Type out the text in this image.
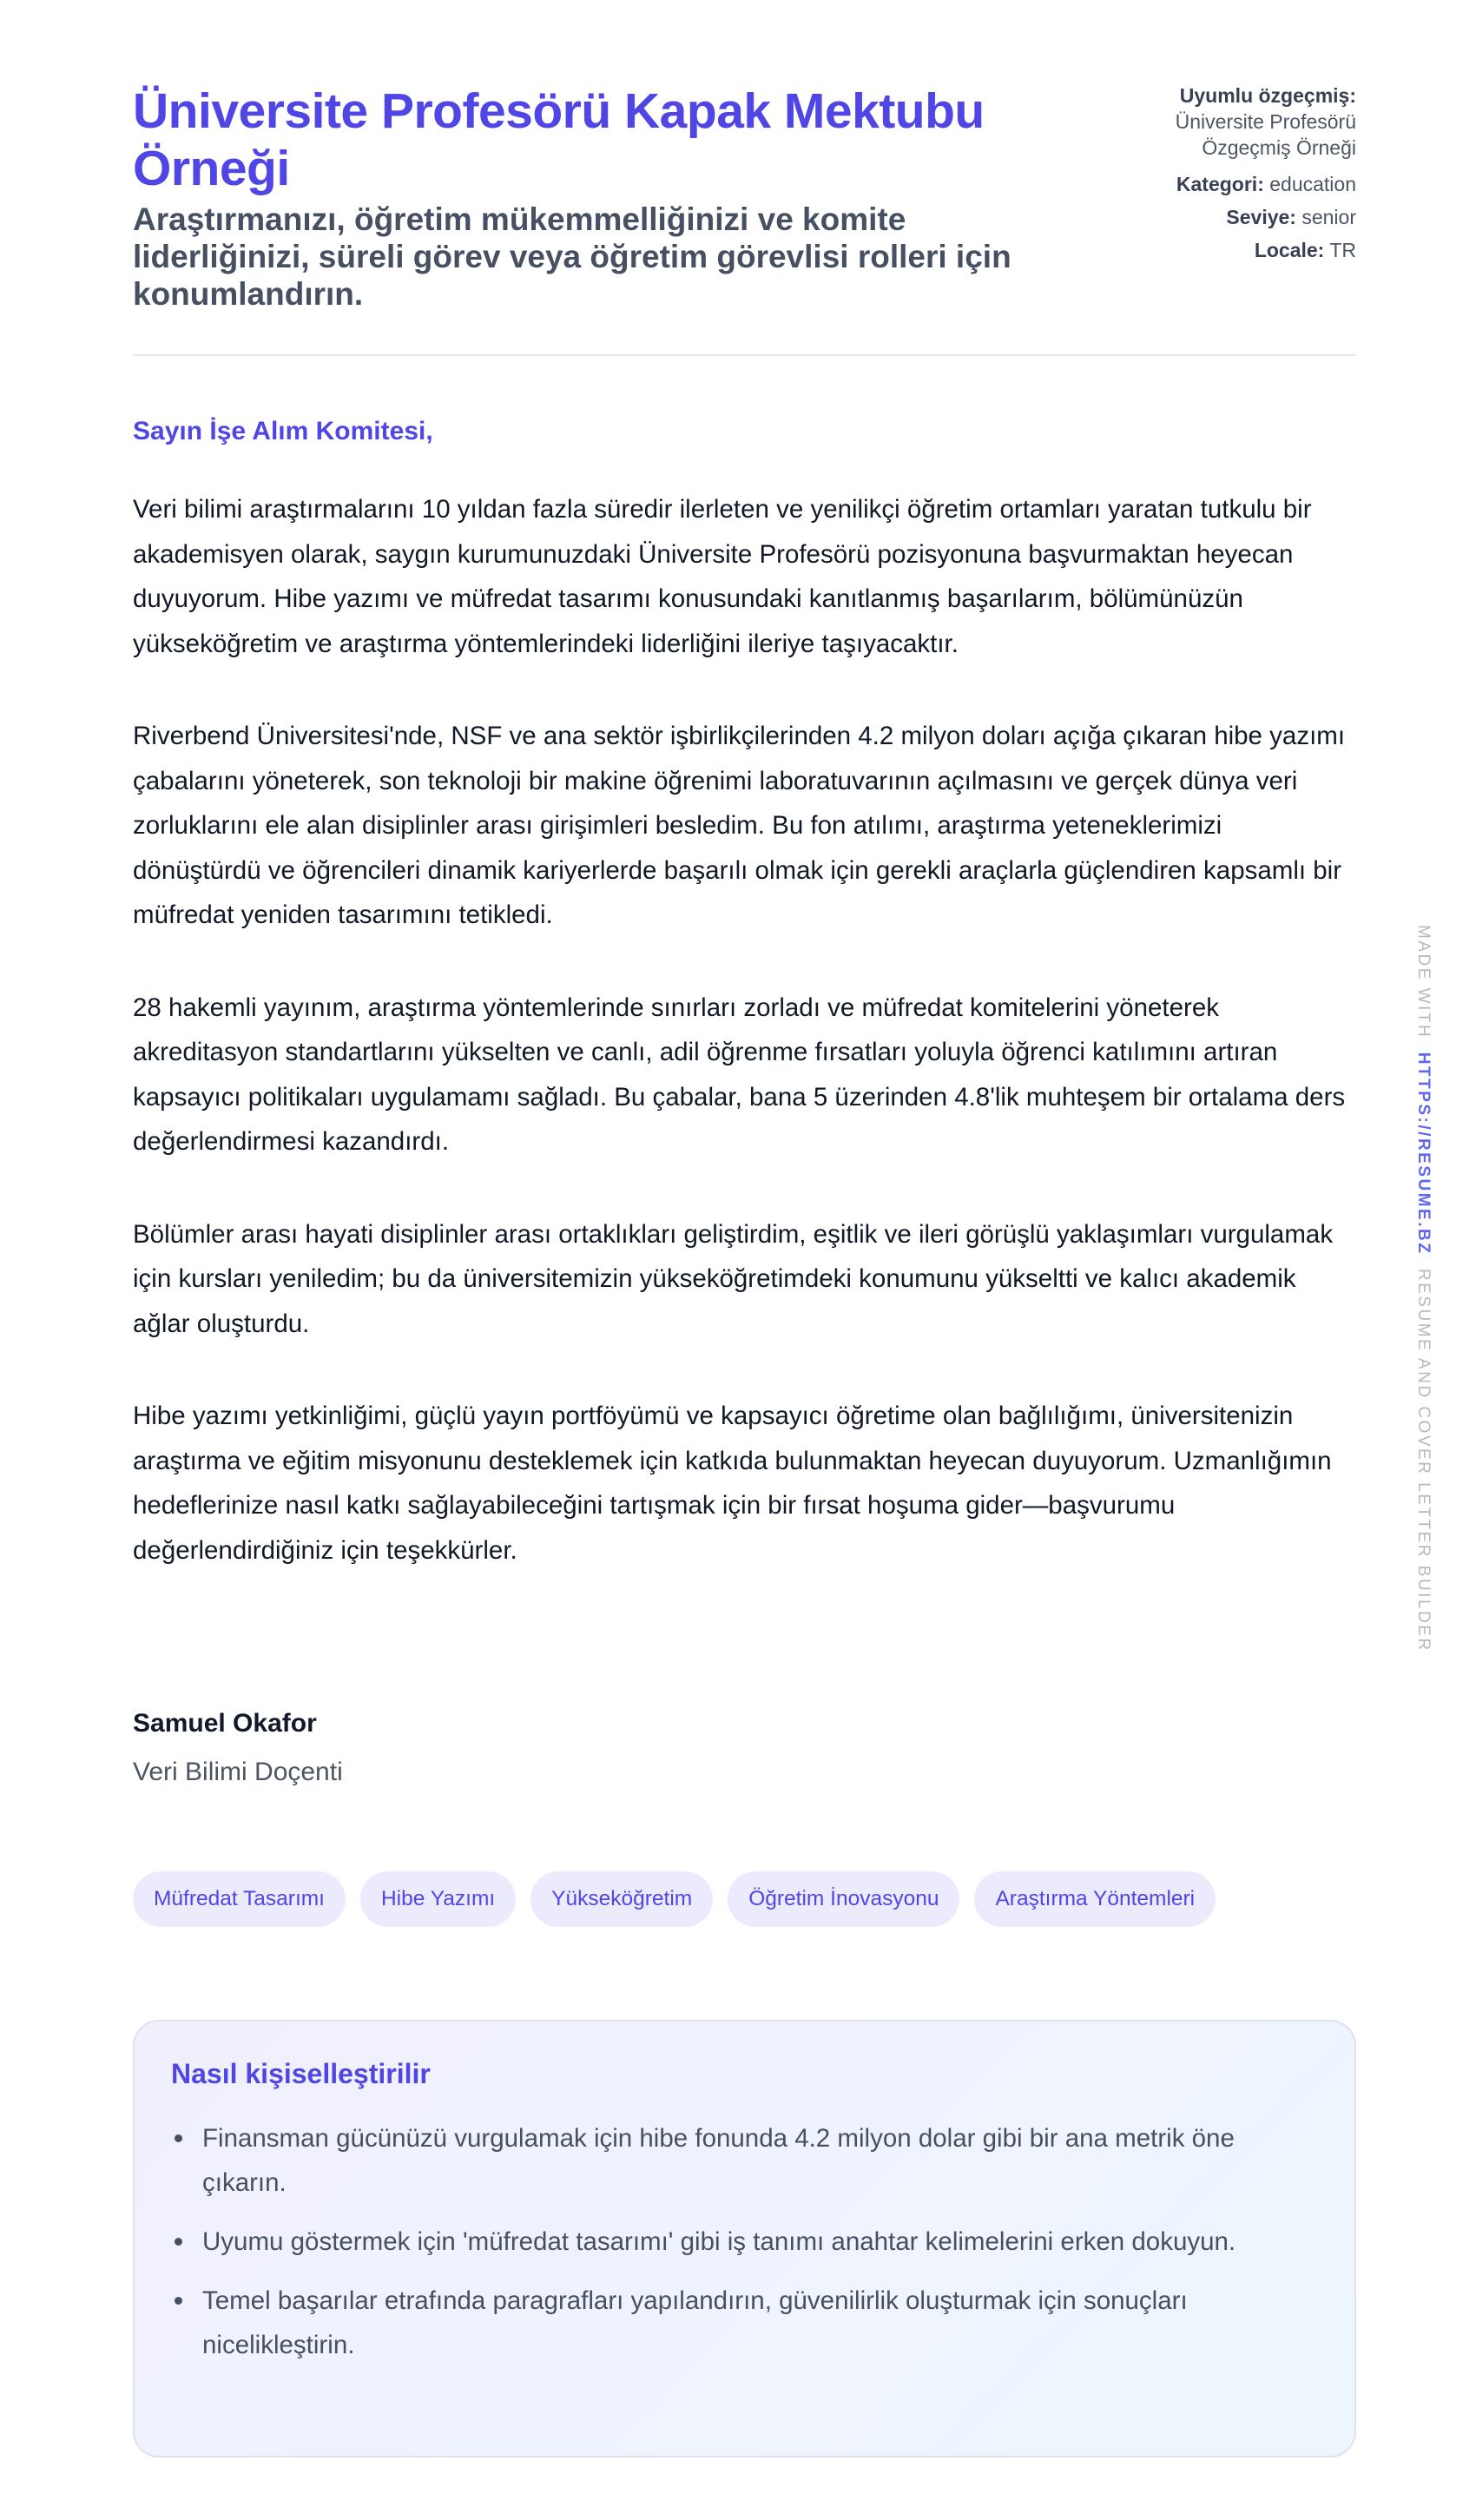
Üniversite Profesörü Kapak Mektubu Örneği
Araştırmanızı, öğretim mükemmelliğinizi ve komite liderliğinizi, süreli görev veya öğretim görevlisi rolleri için konumlandırın.
Uyumlu özgeçmiş:
Üniversite Profesörü Özgeçmiş Örneği
Kategori: education
Seviye: senior
Locale: TR
Sayın İşe Alım Komitesi,

Veri bilimi araştırmalarını 10 yıldan fazla süredir ilerleten ve yenilikçi öğretim ortamları yaratan tutkulu bir akademisyen olarak, saygın kurumunuzdaki Üniversite Profesörü pozisyonuna başvurmaktan heyecan duyuyorum. Hibe yazımı ve müfredat tasarımı konusundaki kanıtlanmış başarılarım, bölümünüzün yükseköğretim ve araştırma yöntemlerindeki liderliğini ileriye taşıyacaktır.

Riverbend Üniversitesi'nde, NSF ve ana sektör işbirlikçilerinden 4.2 milyon doları açığa çıkaran hibe yazımı çabalarını yöneterek, son teknoloji bir makine öğrenimi laboratuvarının açılmasını ve gerçek dünya veri zorluklarını ele alan disiplinler arası girişimleri besledim. Bu fon atılımı, araştırma yeteneklerimizi dönüştürdü ve öğrencileri dinamik kariyerlerde başarılı olmak için gerekli araçlarla güçlendiren kapsamlı bir müfredat yeniden tasarımını tetikledi.

28 hakemli yayınım, araştırma yöntemlerinde sınırları zorladı ve müfredat komitelerini yöneterek akreditasyon standartlarını yükselten ve canlı, adil öğrenme fırsatları yoluyla öğrenci katılımını artıran kapsayıcı politikaları uygulamamı sağladı. Bu çabalar, bana 5 üzerinden 4.8'lik muhteşem bir ortalama ders değerlendirmesi kazandırdı.

Bölümler arası hayati disiplinler arası ortaklıkları geliştirdim, eşitlik ve ileri görüşlü yaklaşımları vurgulamak için kursları yeniledim; bu da üniversitemizin yükseköğretimdeki konumunu yükseltti ve kalıcı akademik ağlar oluşturdu.

Hibe yazımı yetkinliğimi, güçlü yayın portföyümü ve kapsayıcı öğretime olan bağlılığımı, üniversitenizin araştırma ve eğitim misyonunu desteklemek için katkıda bulunmaktan heyecan duyuyorum. Uzmanlığımın hedeflerinize nasıl katkı sağlayabileceğini tartışmak için bir fırsat hoşuma gider—başvurumu değerlendirdiğiniz için teşekkürler.

Samuel Okafor
Veri Bilimi Doçenti
Müfredat Tasarımı	Hibe Yazımı	Yükseköğretim	Öğretim İnovasyonu	Araştırma Yöntemleri
Nasıl kişiselleştirilir
Finansman gücünüzü vurgulamak için hibe fonunda 4.2 milyon dolar gibi bir ana metrik öne çıkarın.
Uyumu göstermek için 'müfredat tasarımı' gibi iş tanımı anahtar kelimelerini erken dokuyun.
Temel başarılar etrafında paragrafları yapılandırın, güvenilirlik oluşturmak için sonuçları nicelikleştirin.
MADE WITH  HTTPS://RESUME.BZ  RESUME AND COVER LETTER BUILDER
